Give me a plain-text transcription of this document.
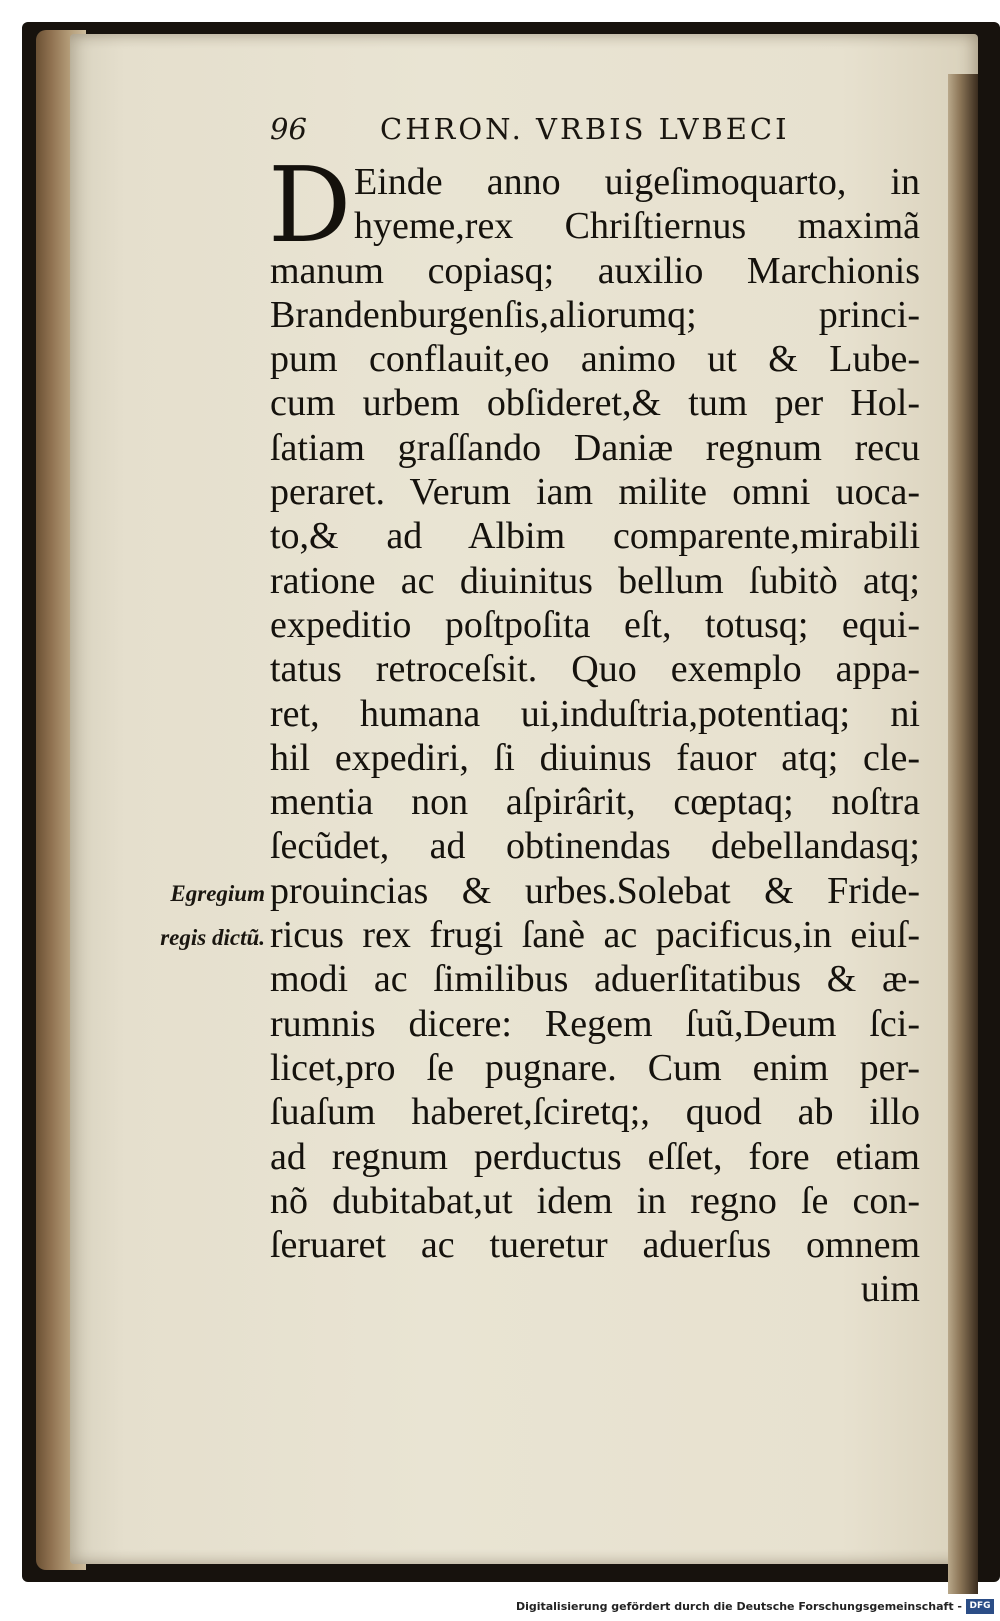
96	CHRON. VRBIS LVBECI
D Einde anno uigeſimoquarto, in
hyeme,rex Chriſtiernus maximã
manum copiasq; auxilio Marchionis
Brandenburgenſis,aliorumq; princi-
pum conflauit,eo animo ut & Lube-
cum urbem obſideret,& tum per Hol-
ſatiam graſſando Daniæ regnum recu
peraret. Verum iam milite omni uoca-
to,& ad Albim comparente,mirabili
ratione ac diuinitus bellum ſubitò atq;
expeditio poſtpoſita eſt, totusq; equi-
tatus retroceſsit. Quo exemplo appa-
ret, humana ui,induſtria,potentiaq; ni
hil expediri, ſi diuinus fauor atq; cle-
mentia non aſpirârit, cœptaq; noſtra
ſecũdet, ad obtinendas debellandasq;
prouincias & urbes.Solebat & Fride-
ricus rex frugi ſanè ac pacificus,in eiuſ-
modi ac ſimilibus aduerſitatibus & æ-
rumnis dicere: Regem ſuũ,Deum ſci-
licet,pro ſe pugnare. Cum enim per-
ſuaſum haberet,ſciretq;, quod ab illo
ad regnum perductus eſſet, fore etiam
nõ dubitabat,ut idem in regno ſe con-
ſeruaret ac tueretur aduerſus omnem
uim
Egregium
regis dictũ.
Digitalisierung gefördert durch die Deutsche Forschungsgemeinschaft - DFG
